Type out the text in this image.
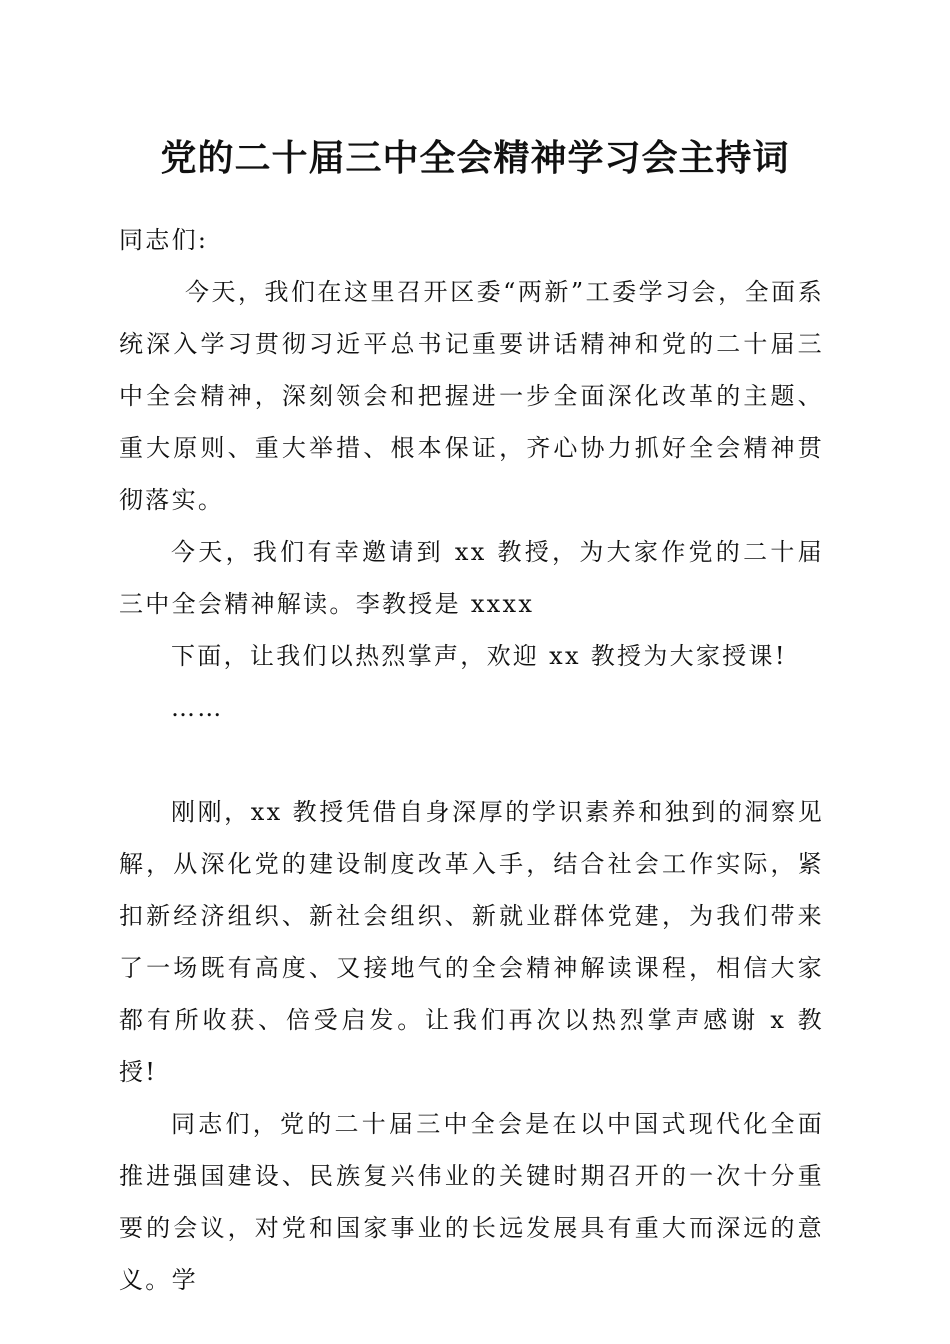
党的二十届三中全会精神学习会主持词

同志们:

今天，我们在这里召开区委“两新”工委学习会，全面系统深入学习贯彻习近平总书记重要讲话精神和党的二十届三中全会精神，深刻领会和把握进一步全面深化改革的主题、重大原则、重大举措、根本保证，齐心协力抓好全会精神贯彻落实。

今天，我们有幸邀请到 xx 教授，为大家作党的二十届三中全会精神解读。李教授是 xxxx

下面，让我们以热烈掌声，欢迎 xx 教授为大家授课!

……

刚刚，xx 教授凭借自身深厚的学识素养和独到的洞察见解，从深化党的建设制度改革入手，结合社会工作实际，紧扣新经济组织、新社会组织、新就业群体党建，为我们带来了一场既有高度、又接地气的全会精神解读课程，相信大家都有所收获、倍受启发。让我们再次以热烈掌声感谢 x 教授!

同志们，党的二十届三中全会是在以中国式现代化全面推进强国建设、民族复兴伟业的关键时期召开的一次十分重要的会议，对党和国家事业的长远发展具有重大而深远的意义。学
